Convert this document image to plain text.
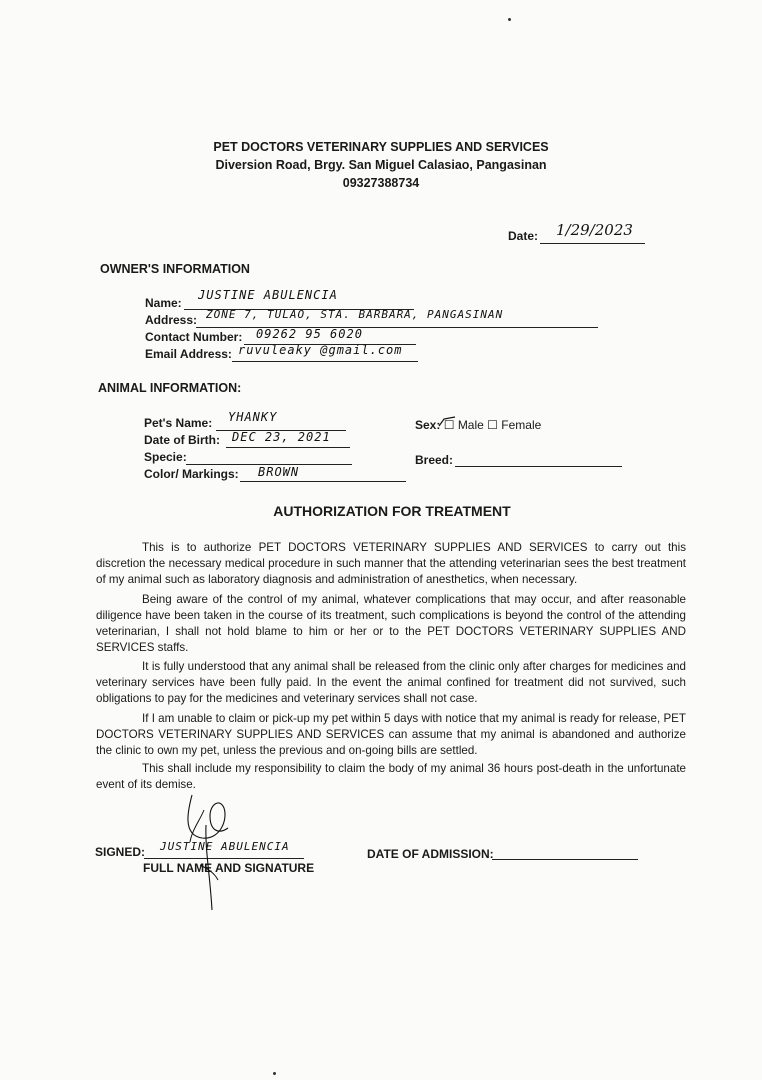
PET DOCTORS VETERINARY SUPPLIES AND SERVICES
Diversion Road, Brgy. San Miguel Calasiao, Pangasinan
09327388734
Date: 1/29/2023
OWNER'S INFORMATION
Name:
JUSTINE ABULENCIA
Address: ZONE 7, TULAO, STA. BARBARA, PANGASINAN
Contact Number: 09262 95 6020
Email Address: ruvuleaky @gmail.com
ANIMAL INFORMATION:
Pet's Name: YHANKY
Date of Birth: DEC 23, 2021
Specie:
Color/ Markings: BROWN
Sex: ☐ Male ☐ Female
Breed:
AUTHORIZATION FOR TREATMENT

This is to authorize PET DOCTORS VETERINARY SUPPLIES AND SERVICES to carry out this discretion the necessary medical procedure in such manner that the attending veterinarian sees the best treatment of my animal such as laboratory diagnosis and administration of anesthetics, when necessary.

Being aware of the control of my animal, whatever complications that may occur, and after reasonable diligence have been taken in the course of its treatment, such complications is beyond the control of the attending veterinarian, I shall not hold blame to him or her or to the PET DOCTORS VETERINARY SUPPLIES AND SERVICES staffs.

It is fully understood that any animal shall be released from the clinic only after charges for medicines and veterinary services have been fully paid. In the event the animal confined for treatment did not survived, such obligations to pay for the medicines and veterinary services shall not case.

If I am unable to claim or pick-up my pet within 5 days with notice that my animal is ready for release, PET DOCTORS VETERINARY SUPPLIES AND SERVICES can assume that my animal is abandoned and authorize the clinic to own my pet, unless the previous and on-going bills are settled.

This shall include my responsibility to claim the body of my animal 36 hours post-death in the unfortunate event of its demise.

SIGNED: JUSTINE ABULENCIA
FULL NAME AND SIGNATURE
DATE OF ADMISSION:
